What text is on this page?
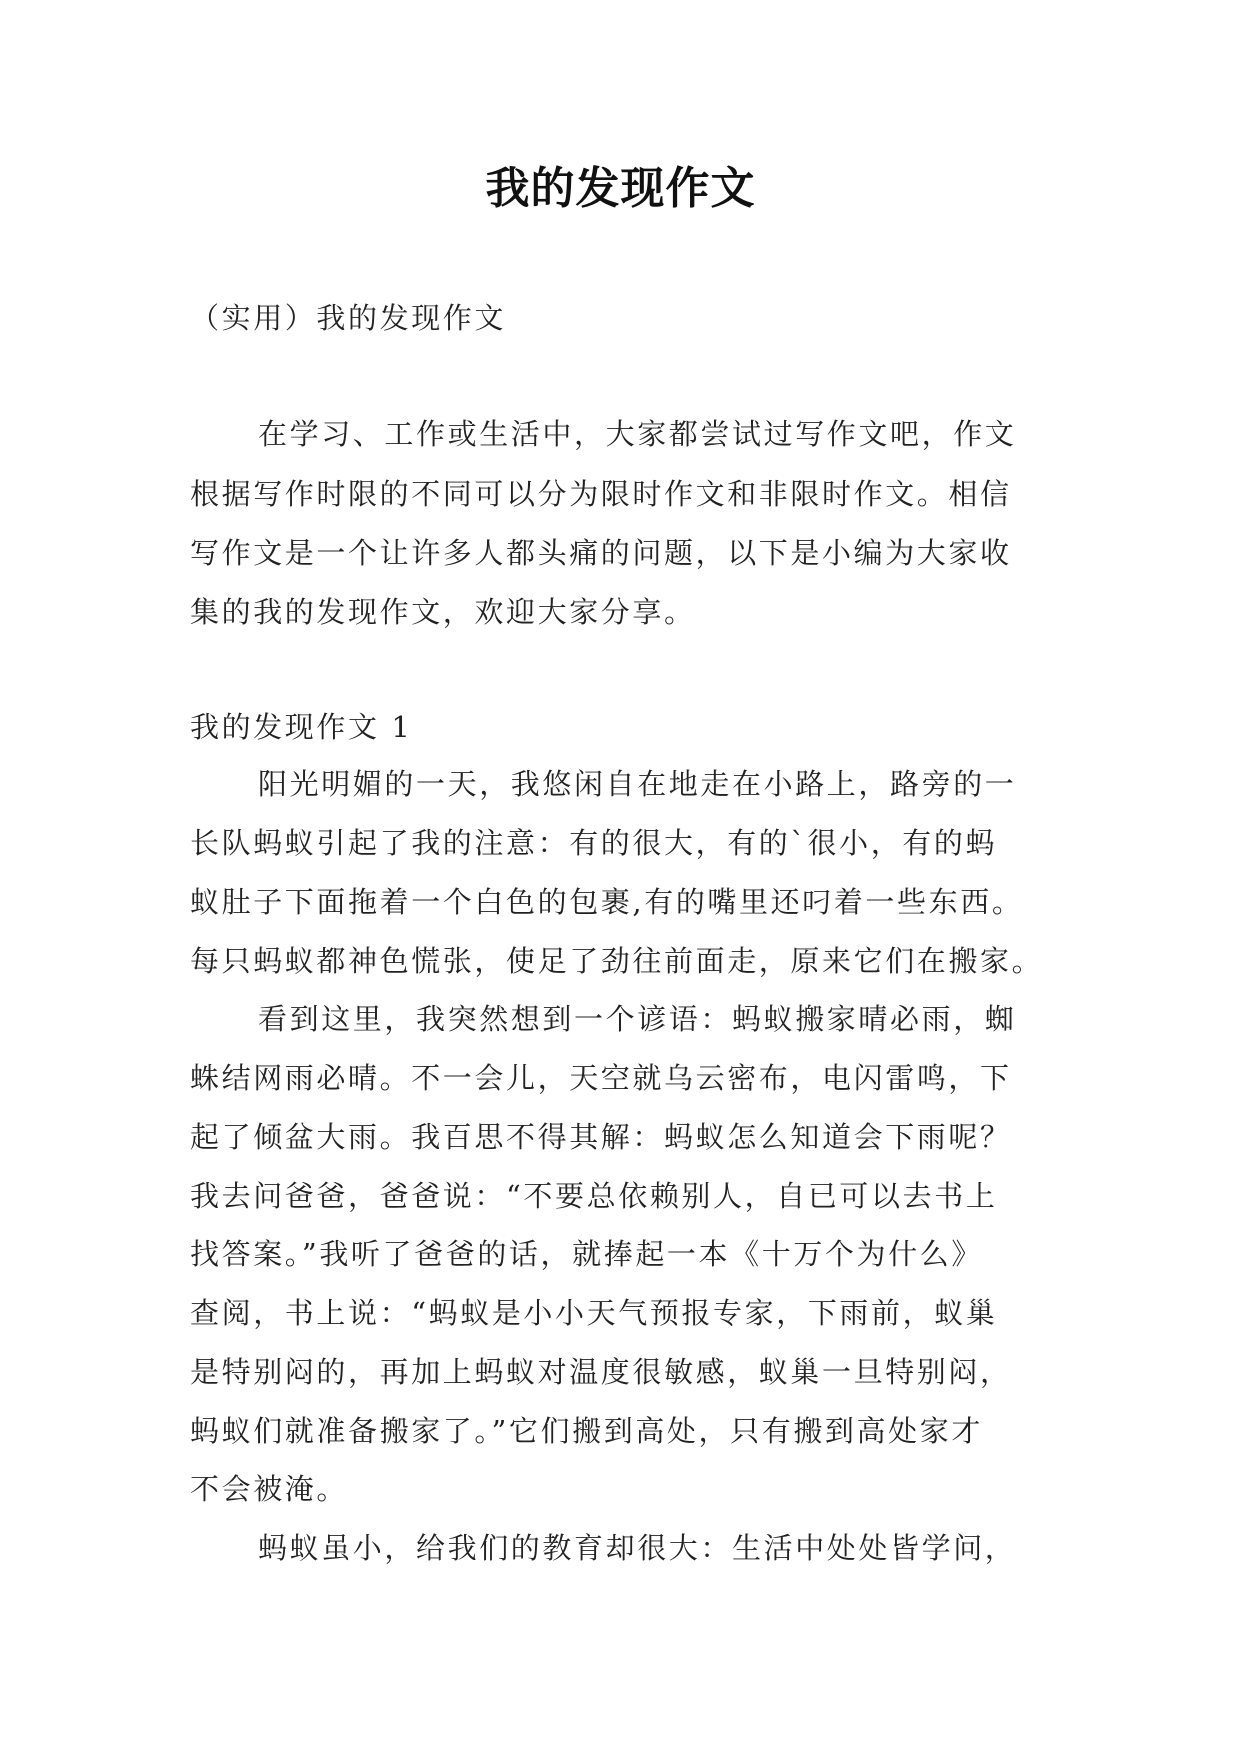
我的发现作文
（实用）我的发现作文
在学习、工作或生活中，大家都尝试过写作文吧，作文
根据写作时限的不同可以分为限时作文和非限时作文。相信
写作文是一个让许多人都头痛的问题，以下是小编为大家收
集的我的发现作文，欢迎大家分享。
我的发现作文 1
阳光明媚的一天，我悠闲自在地走在小路上，路旁的一
长队蚂蚁引起了我的注意：有的很大，有的`很小，有的蚂
蚁肚子下面拖着一个白色的包裹,有的嘴里还叼着一些东西。
每只蚂蚁都神色慌张，使足了劲往前面走，原来它们在搬家。
看到这里，我突然想到一个谚语：蚂蚁搬家晴必雨，蜘
蛛结网雨必晴。不一会儿，天空就乌云密布，电闪雷鸣，下
起了倾盆大雨。我百思不得其解：蚂蚁怎么知道会下雨呢？
我去问爸爸，爸爸说：“不要总依赖别人，自已可以去书上
找答案。”我听了爸爸的话，就捧起一本《十万个为什么》
查阅，书上说：“蚂蚁是小小天气预报专家，下雨前，蚁巢
是特别闷的，再加上蚂蚁对温度很敏感，蚁巢一旦特别闷，
蚂蚁们就准备搬家了。”它们搬到高处，只有搬到高处家才
不会被淹。
蚂蚁虽小，给我们的教育却很大：生活中处处皆学问，
